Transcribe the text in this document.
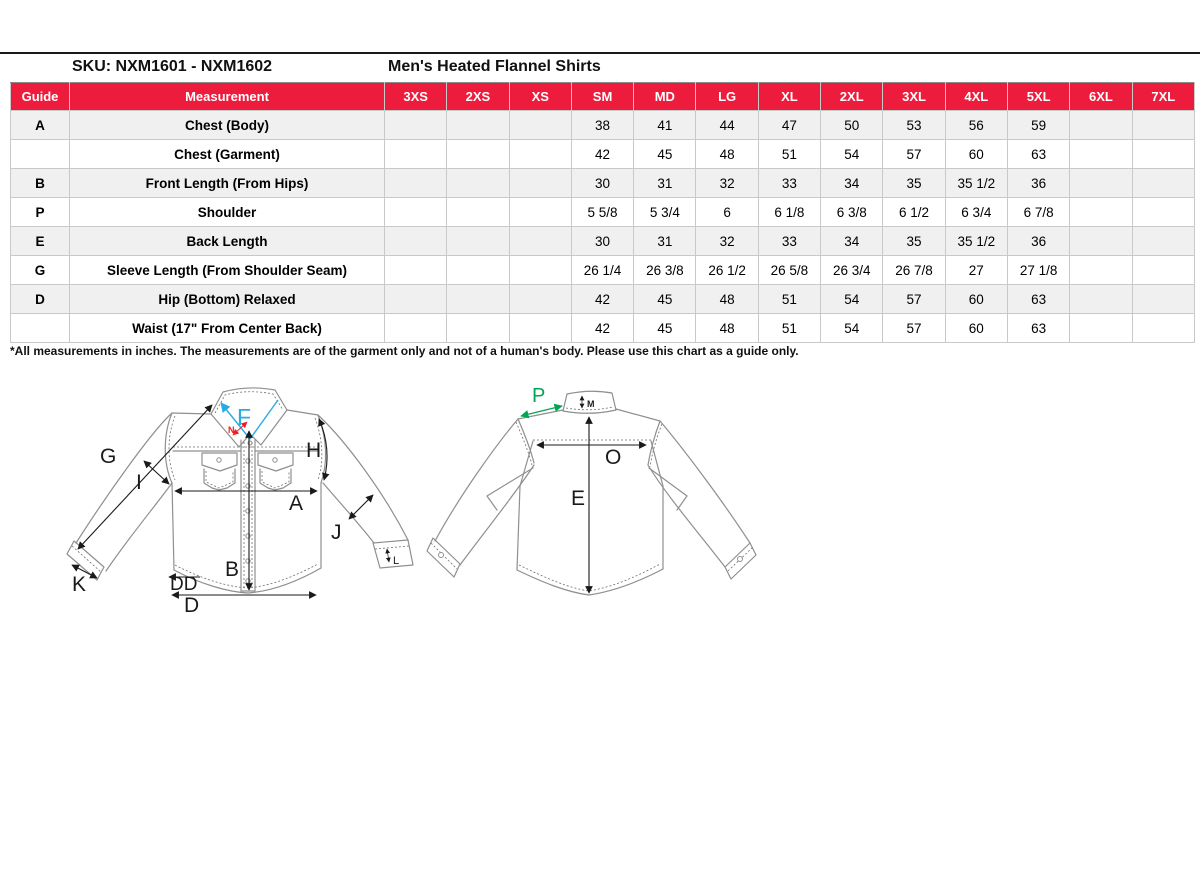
SKU: NXM1601 - NXM1602	Men's Heated Flannel Shirts
Guide	Measurement	3XS	2XS	XS	SM	MD	LG	XL	2XL	3XL	4XL	5XL	6XL	7XL
A	Chest (Body)				38	41	44	47	50	53	56	59		
	Chest (Garment)				42	45	48	51	54	57	60	63		
B	Front Length (From Hips)				30	31	32	33	34	35	35 1/2	36		
P	Shoulder				5 5/8	5 3/4	6	6 1/8	6 3/8	6 1/2	6 3/4	6 7/8		
E	Back Length				30	31	32	33	34	35	35 1/2	36		
G	Sleeve Length (From Shoulder Seam)				26 1/4	26 3/8	26 1/2	26 5/8	26 3/4	26 7/8	27	27 1/8		
D	Hip (Bottom) Relaxed				42	45	48	51	54	57	60	63		
	Waist (17" From Center Back)				42	45	48	51	54	57	60	63		
*All measurements in inches. The measurements are of the garment only and not of a human's body. Please use this chart as a guide only.
F
N
G
I
H
A
B
J
K
L
DD
D
P	M
O
E
